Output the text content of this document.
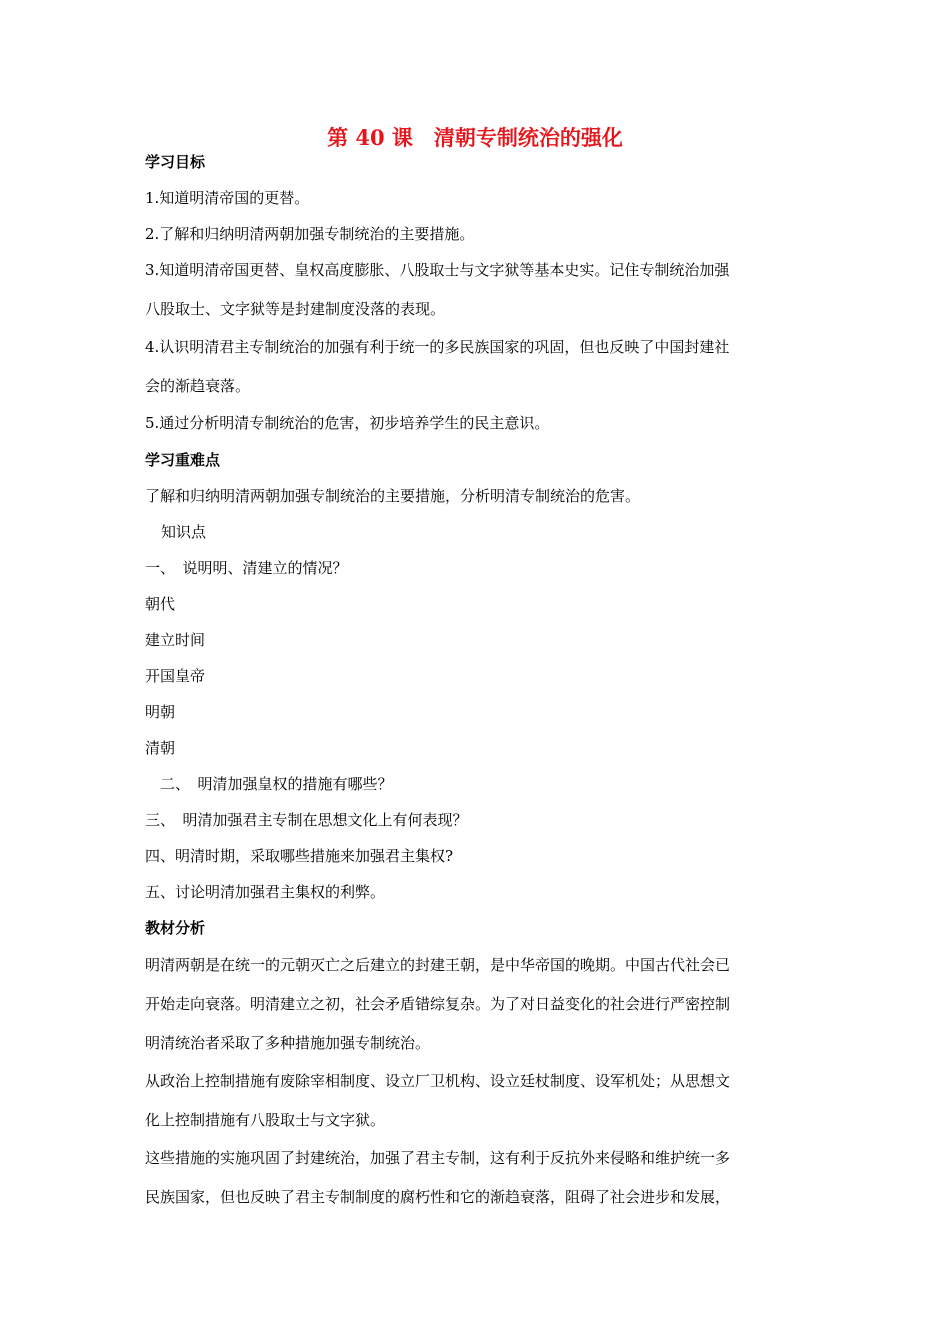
第 40 课　清朝专制统治的强化
学习目标
1.知道明清帝国的更替。
2.了解和归纳明清两朝加强专制统治的主要措施。
3.知道明清帝国更替、皇权高度膨胀、八股取士与文字狱等基本史实。记住专制统治加强
八股取士、文字狱等是封建制度没落的表现。
4.认识明清君主专制统治的加强有利于统一的多民族国家的巩固，但也反映了中国封建社
会的渐趋衰落。
5.通过分析明清专制统治的危害，初步培养学生的民主意识。
学习重难点
了解和归纳明清两朝加强专制统治的主要措施，分析明清专制统治的危害。
知识点
一、　说明明、清建立的情况？
朝代
建立时间
开国皇帝
明朝
清朝
二、　明清加强皇权的措施有哪些？
三、　明清加强君主专制在思想文化上有何表现？
四、明清时期，采取哪些措施来加强君主集权?
五、讨论明清加强君主集权的利弊。
教材分析
明清两朝是在统一的元朝灭亡之后建立的封建王朝，是中华帝国的晚期。中国古代社会已
开始走向衰落。明清建立之初，社会矛盾错综复杂。为了对日益变化的社会进行严密控制
明清统治者采取了多种措施加强专制统治。
从政治上控制措施有废除宰相制度、设立厂卫机构、设立廷杖制度、设军机处；从思想文
化上控制措施有八股取士与文字狱。
这些措施的实施巩固了封建统治，加强了君主专制，这有利于反抗外来侵略和维护统一多
民族国家，但也反映了君主专制制度的腐朽性和它的渐趋衰落，阻碍了社会进步和发展，
